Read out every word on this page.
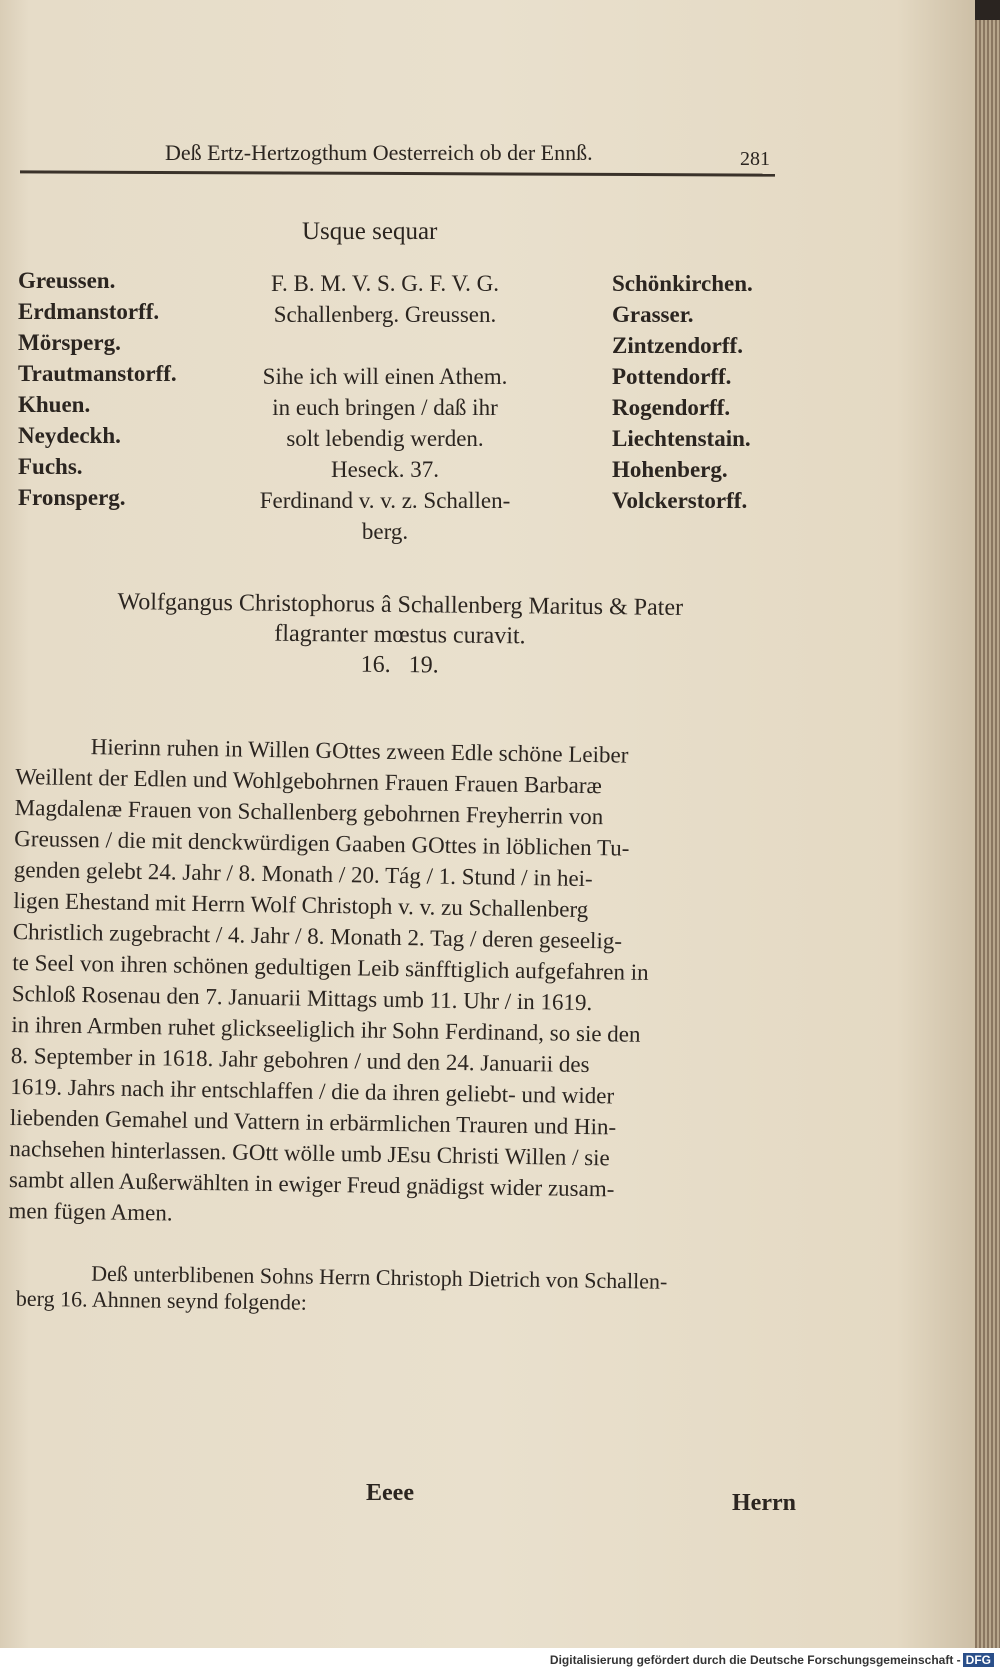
Deß Ertz-Hertzogthum Oesterreich ob der Ennß.	281
Usque sequar
Greussen.
Erdmanstorff.
Mörsperg.
Trautmanstorff.
Khuen.
Neydeckh.
Fuchs.
Fronsperg.
F. B. M. V. S. G. F. V. G.
Schallenberg. Greussen.

Sihe ich will einen Athem.
in euch bringen / daß ihr
solt lebendig werden.
Heseck. 37.
Ferdinand v. v. z. Schallen-
berg.
Schönkirchen.
Grasser.
Zintzendorff.
Pottendorff.
Rogendorff.
Liechtenstain.
Hohenberg.
Volckerstorff.
Wolfgangus Christophorus â Schallenberg Maritus & Pater
flagranter mœstus curavit.
16.   19.
Hierinn ruhen in Willen GOttes zween Edle schöne Leiber
Weillent der Edlen und Wohlgebohrnen Frauen Frauen Barbaræ
Magdalenæ Frauen von Schallenberg gebohrnen Freyherrin von
Greussen / die mit denckwürdigen Gaaben GOttes in löblichen Tu-
genden gelebt 24. Jahr / 8. Monath / 20. Tág / 1. Stund / in hei-
ligen Ehestand mit Herrn Wolf Christoph v. v. zu Schallenberg
Christlich zugebracht / 4. Jahr / 8. Monath 2. Tag / deren geseelig-
te Seel von ihren schönen gedultigen Leib sänfftiglich aufgefahren in
Schloß Rosenau den 7. Januarii Mittags umb 11. Uhr / in 1619.
in ihren Armben ruhet glickseeliglich ihr Sohn Ferdinand, so sie den
8. September in 1618. Jahr gebohren / und den 24. Januarii des
1619. Jahrs nach ihr entschlaffen / die da ihren geliebt- und wider
liebenden Gemahel und Vattern in erbärmlichen Trauren und Hin-
nachsehen hinterlassen. GOtt wölle umb JEsu Christi Willen / sie
sambt allen Außerwählten in ewiger Freud gnädigst wider zusam-
men fügen Amen.
Deß unterblibenen Sohns Herrn Christoph Dietrich von Schallen-
berg 16. Ahnnen seynd folgende:
Eeee	Herrn
Digitalisierung gefördert durch die Deutsche Forschungsgemeinschaft - DFG
